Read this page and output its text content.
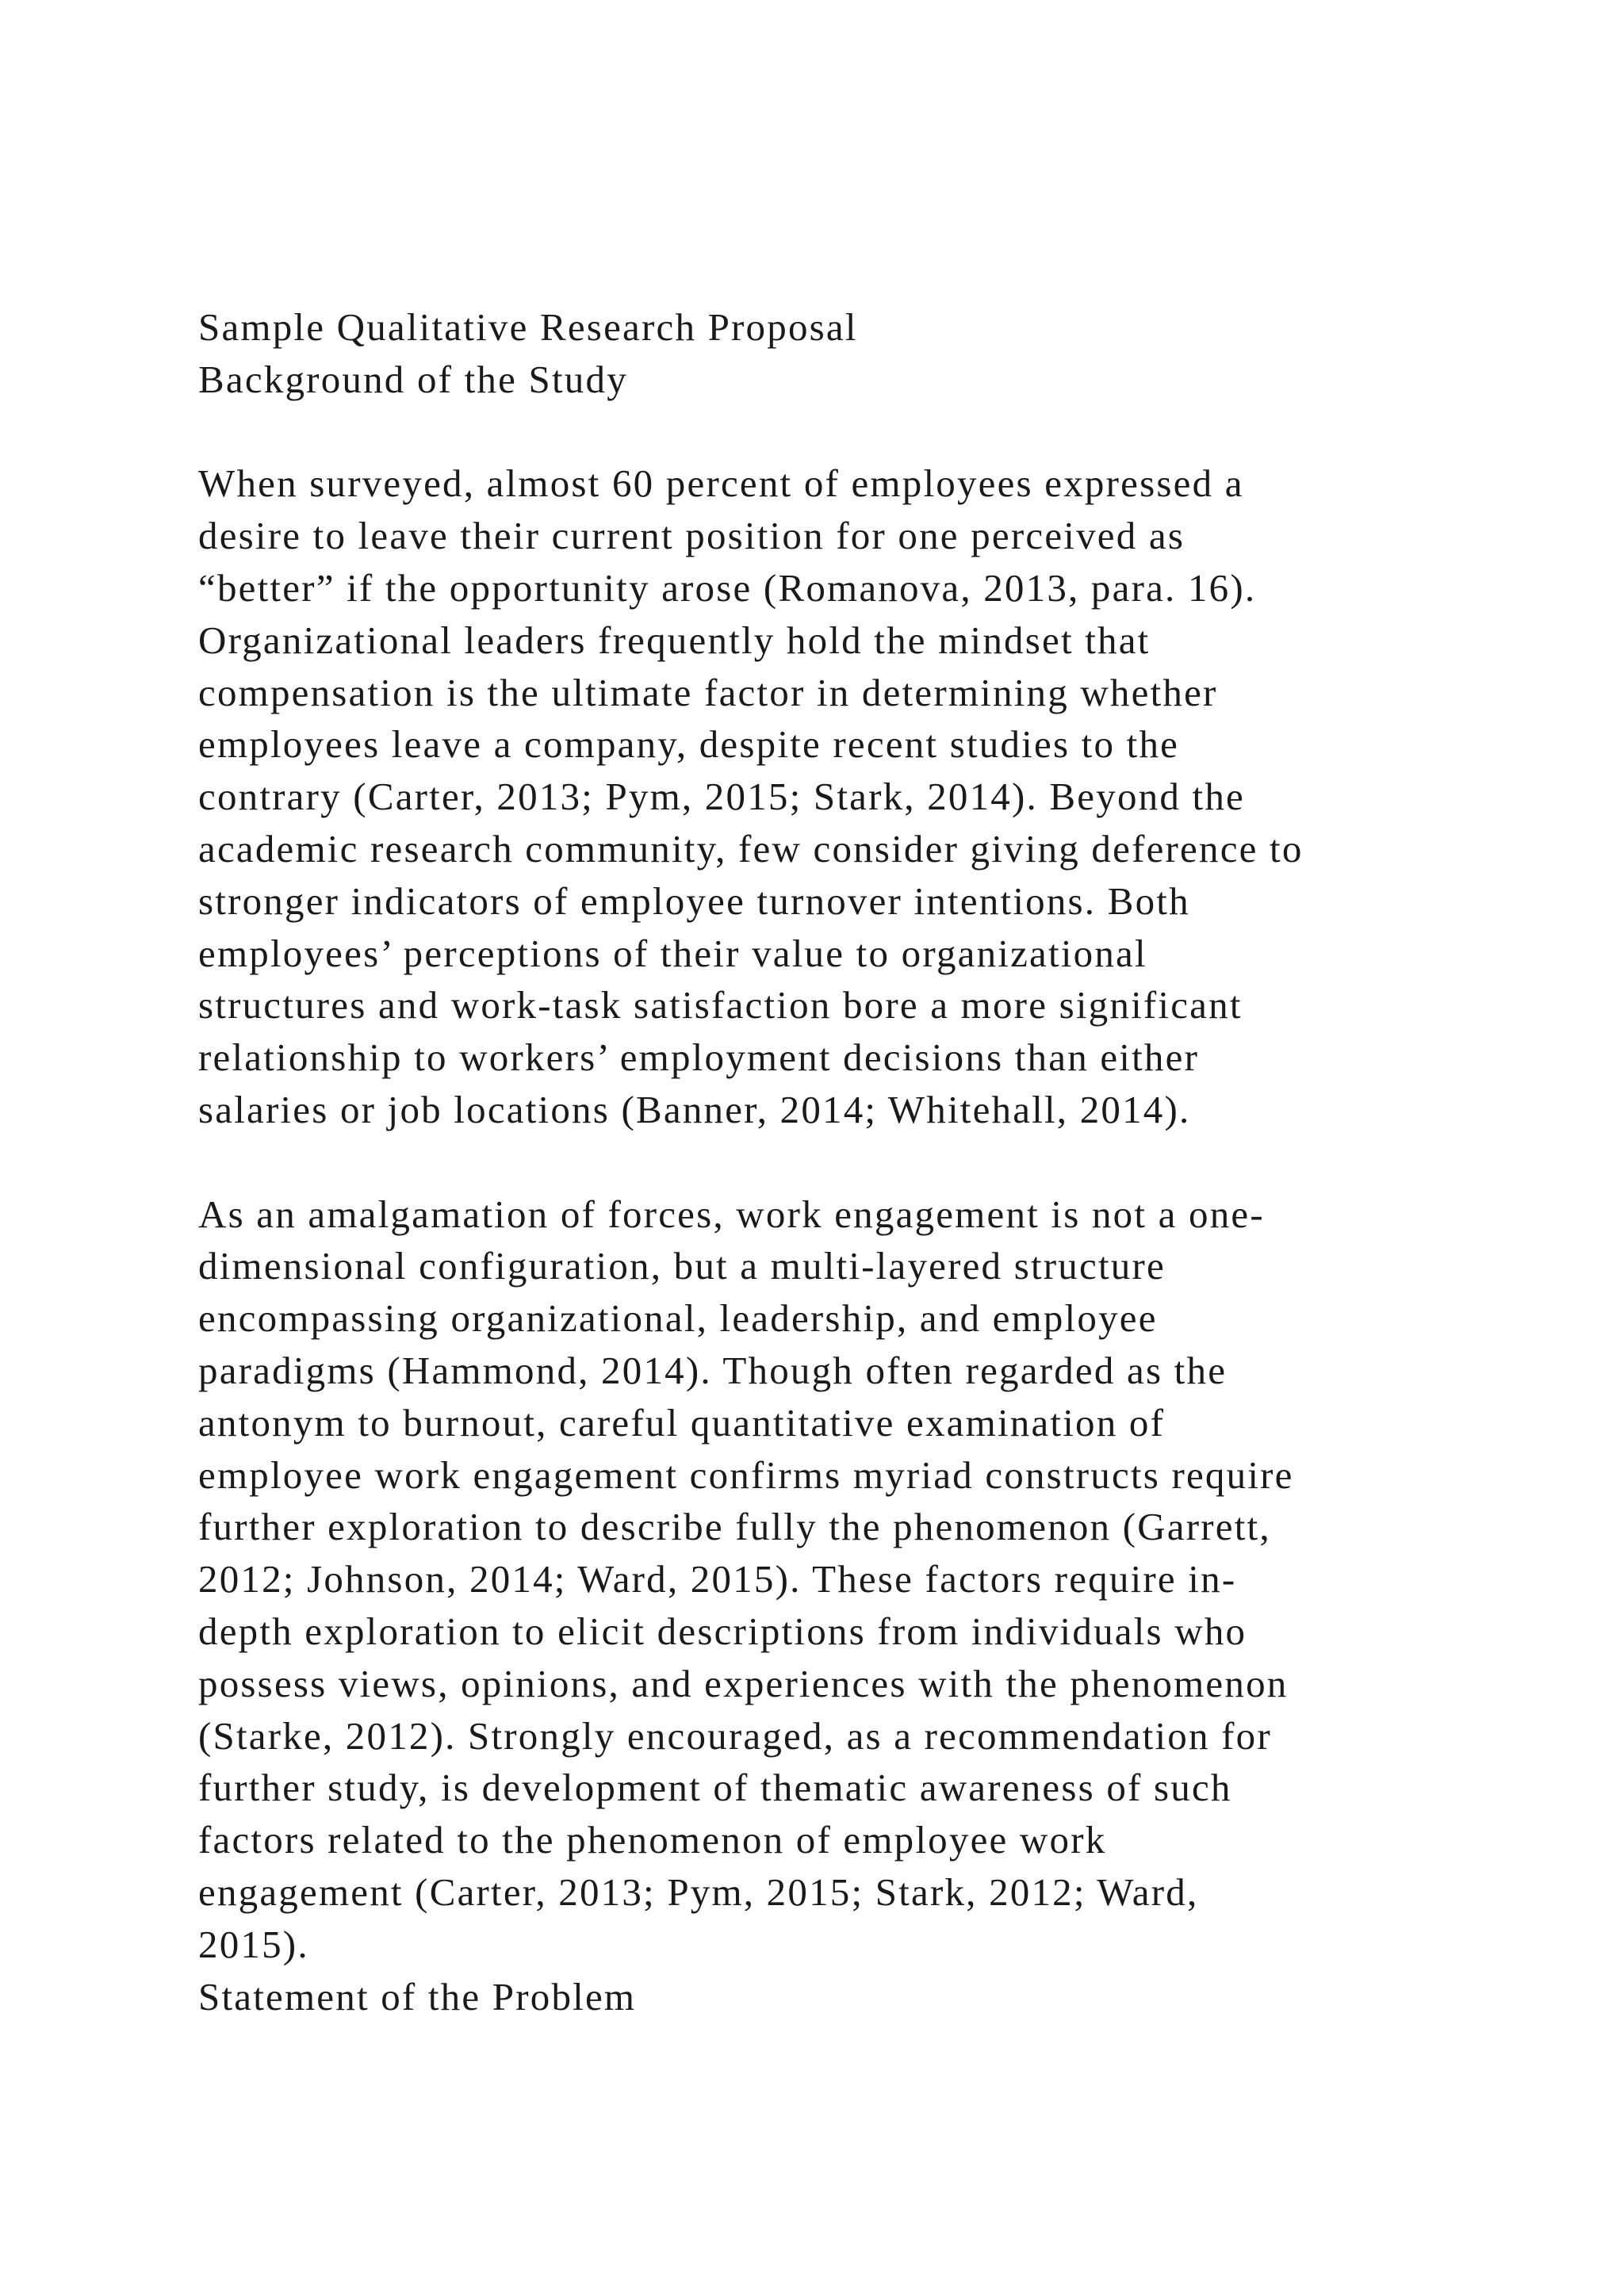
Sample Qualitative Research Proposal
Background of the Study
When surveyed, almost 60 percent of employees expressed a
desire to leave their current position for one perceived as
“better” if the opportunity arose (Romanova, 2013, para. 16).
Organizational leaders frequently hold the mindset that
compensation is the ultimate factor in determining whether
employees leave a company, despite recent studies to the
contrary (Carter, 2013; Pym, 2015; Stark, 2014). Beyond the
academic research community, few consider giving deference to
stronger indicators of employee turnover intentions. Both
employees’ perceptions of their value to organizational
structures and work-task satisfaction bore a more significant
relationship to workers’ employment decisions than either
salaries or job locations (Banner, 2014; Whitehall, 2014).
As an amalgamation of forces, work engagement is not a one-
dimensional configuration, but a multi-layered structure
encompassing organizational, leadership, and employee
paradigms (Hammond, 2014). Though often regarded as the
antonym to burnout, careful quantitative examination of
employee work engagement confirms myriad constructs require
further exploration to describe fully the phenomenon (Garrett,
2012; Johnson, 2014; Ward, 2015). These factors require in-
depth exploration to elicit descriptions from individuals who
possess views, opinions, and experiences with the phenomenon
(Starke, 2012). Strongly encouraged, as a recommendation for
further study, is development of thematic awareness of such
factors related to the phenomenon of employee work
engagement (Carter, 2013; Pym, 2015; Stark, 2012; Ward,
2015).
Statement of the Problem
